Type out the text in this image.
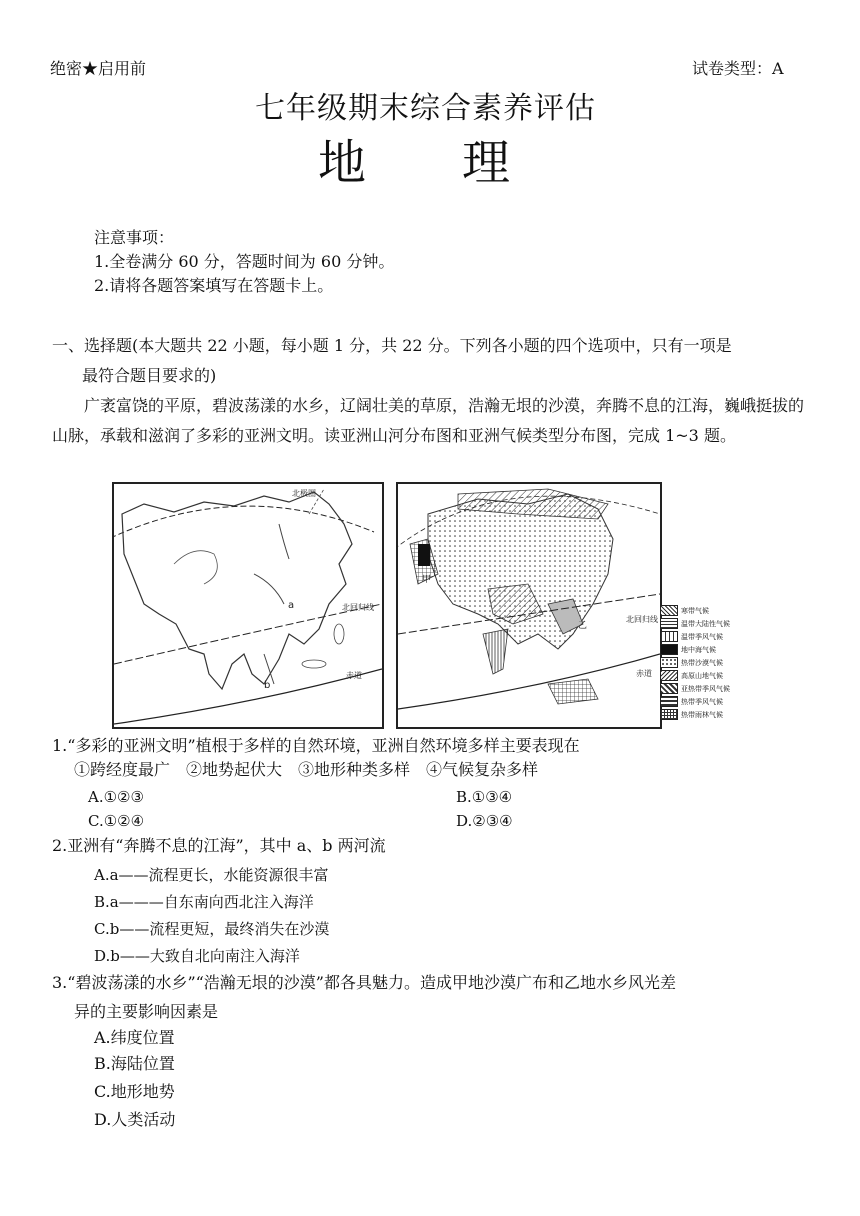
绝密★启用前	试卷类型：A
七年级期末综合素养评估
地　　理
注意事项：
1.全卷满分 60 分，答题时间为 60 分钟。
2.请将各题答案填写在答题卡上。
一、选择题(本大题共 22 小题，每小题 1 分，共 22 分。下列各小题的四个选项中，只有一项是
最符合题目要求的)
广袤富饶的平原，碧波荡漾的水乡，辽阔壮美的草原，浩瀚无垠的沙漠，奔腾不息的江海，巍峨挺拔的山脉，承载和滋润了多彩的亚洲文明。读亚洲山河分布图和亚洲气候类型分布图，完成 1~3 题。
北极圈
北回归线
赤道
a
b
北回归线
赤道
甲
乙
寒带气候
温带大陆性气候
温带季风气候
地中海气候
热带沙漠气候
高原山地气候
亚热带季风气候
热带季风气候
热带雨林气候
1.“多彩的亚洲文明”植根于多样的自然环境，亚洲自然环境多样主要表现在
①跨经度最广　②地势起伏大　③地形种类多样　④气候复杂多样
A.①②③	B.①③④
C.①②④	D.②③④
2.亚洲有“奔腾不息的江海”，其中 a、b 两河流
A.a——流程更长，水能资源很丰富
B.a———自东南向西北注入海洋
C.b——流程更短，最终消失在沙漠
D.b——大致自北向南注入海洋
3.“碧波荡漾的水乡”“浩瀚无垠的沙漠”都各具魅力。造成甲地沙漠广布和乙地水乡风光差
异的主要影响因素是
A.纬度位置
B.海陆位置
C.地形地势
D.人类活动
